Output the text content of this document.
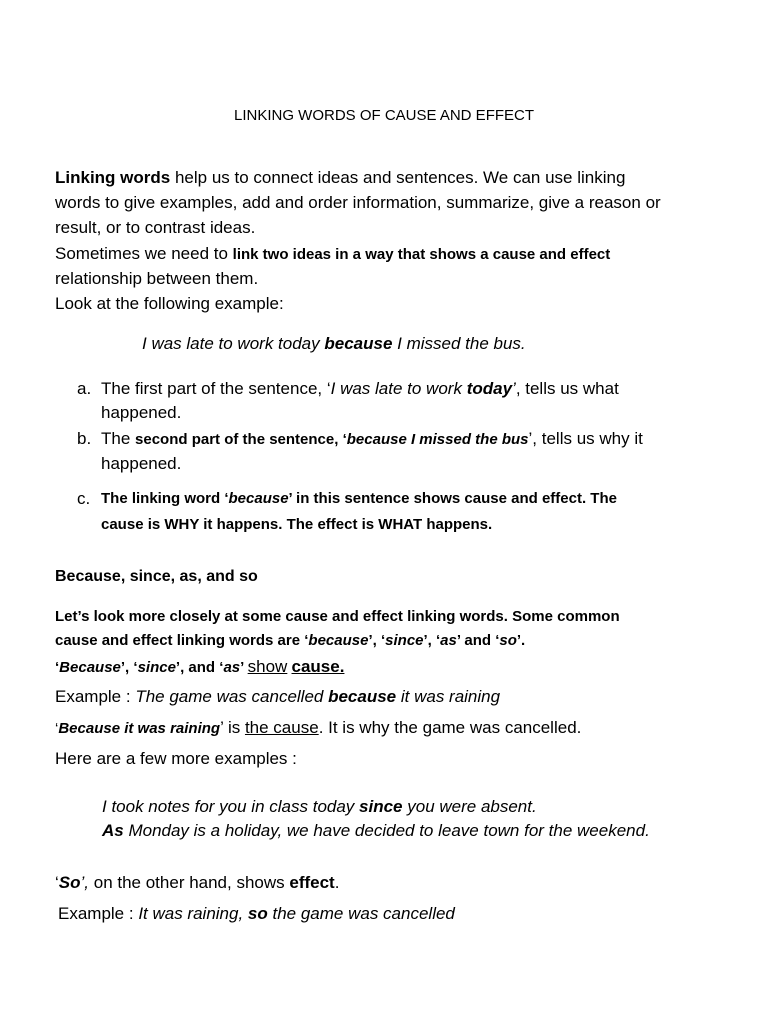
LINKING WORDS OF CAUSE AND EFFECT
Linking words help us to connect ideas and sentences. We can use linking
words to give examples, add and order information, summarize, give a reason or
result, or to contrast ideas.
Sometimes we need to link two ideas in a way that shows a cause and effect
relationship between them.
Look at the following example:
I was late to work today because I missed the bus.
a. The first part of the sentence, ‘I was late to work today’, tells us what
happened.
b. The second part of the sentence, ‘because I missed the bus’, tells us why it
happened.
c. The linking word ‘because’ in this sentence shows cause and effect. The
cause is WHY it happens. The effect is WHAT happens.
Because, since, as, and so
Let’s look more closely at some cause and effect linking words. Some common
cause and effect linking words are ‘because’, ‘since’, ‘as’ and ‘so’.
‘Because’, ‘since’, and ‘as’ show cause.
Example : The game was cancelled because it was raining
‘Because it was raining’ is the cause. It is why the game was cancelled.
Here are a few more examples :
I took notes for you in class today since you were absent.
As Monday is a holiday, we have decided to leave town for the weekend.
‘So’, on the other hand, shows effect.
Example : It was raining, so the game was cancelled
